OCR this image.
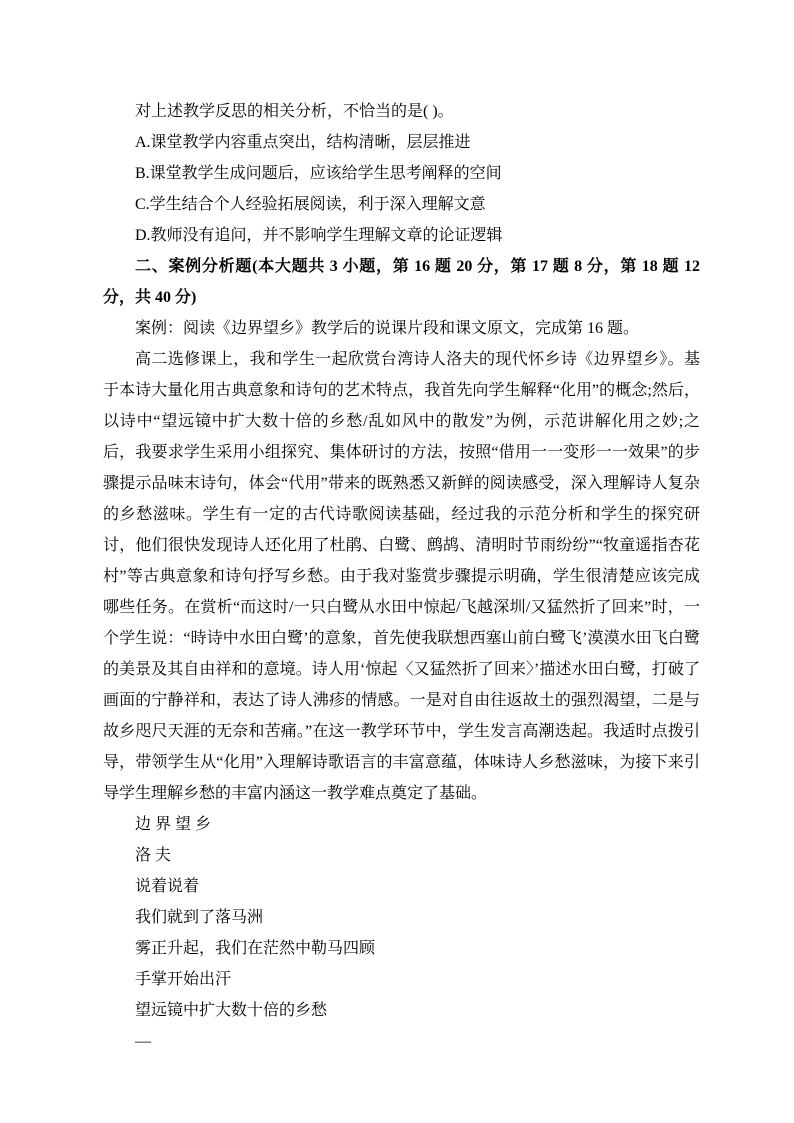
对上述教学反思的相关分析，不恰当的是( )。

A.课堂教学内容重点突出，结构清晰，层层推进

B.课堂教学生成问题后，应该给学生思考阐释的空间

C.学生结合个人经验拓展阅读，利于深入理解文意

D.教师没有追问，并不影响学生理解文章的论证逻辑

二、案例分析题(本大题共 3 小题，第 16 题 20 分，第 17 题 8 分，第 18 题 12 分，共 40 分)

案例：阅读《边界望乡》教学后的说课片段和课文原文，完成第 16 题。

高二选修课上，我和学生一起欣赏台湾诗人洛夫的现代怀乡诗《边界望乡》。基于本诗大量化用古典意象和诗句的艺术特点，我首先向学生解释“化用”的概念;然后，以诗中“望远镜中扩大数十倍的乡愁/乱如风中的散发”为例，示范讲解化用之妙;之后，我要求学生采用小组探究、集体研讨的方法，按照“借用一一变形一一效果”的步骤提示品味末诗句，体会“代用”带来的既熟悉又新鲜的阅读感受，深入理解诗人复杂的乡愁滋味。学生有一定的古代诗歌阅读基础，经过我的示范分析和学生的探究研讨，他们很快发现诗人还化用了杜鹃、白鹭、鹧鸪、清明时节雨纷纷”“牧童遥指杏花村”等古典意象和诗句抒写乡愁。由于我对鉴赏步骤提示明确，学生很清楚应该完成哪些任务。在赏析“而这时/一只白鹭从水田中惊起/飞越深圳/又猛然折了回来”时，一个学生说：“時诗中水田白鹭’的意象，首先使我联想西塞山前白鹭飞’漠漠水田飞白鹭的美景及其自由祥和的意境。诗人用‘惊起〈又猛然折了回来〉’描述水田白鹭，打破了画面的宁静祥和，表达了诗人沸疹的情感。一是对自由往返故土的强烈渴望，二是与故乡咫尺天涯的无奈和苦痛。”在这一教学环节中，学生发言高潮迭起。我适时点拨引导，带领学生从“化用”入理解诗歌语言的丰富意蕴，体味诗人乡愁滋味，为接下来引导学生理解乡愁的丰富内涵这一教学难点奠定了基础。

边 界 望 乡

洛 夫

说着说着

我们就到了落马洲

雾正升起，我们在茫然中勒马四顾

手掌开始出汗

望远镜中扩大数十倍的乡愁

—
